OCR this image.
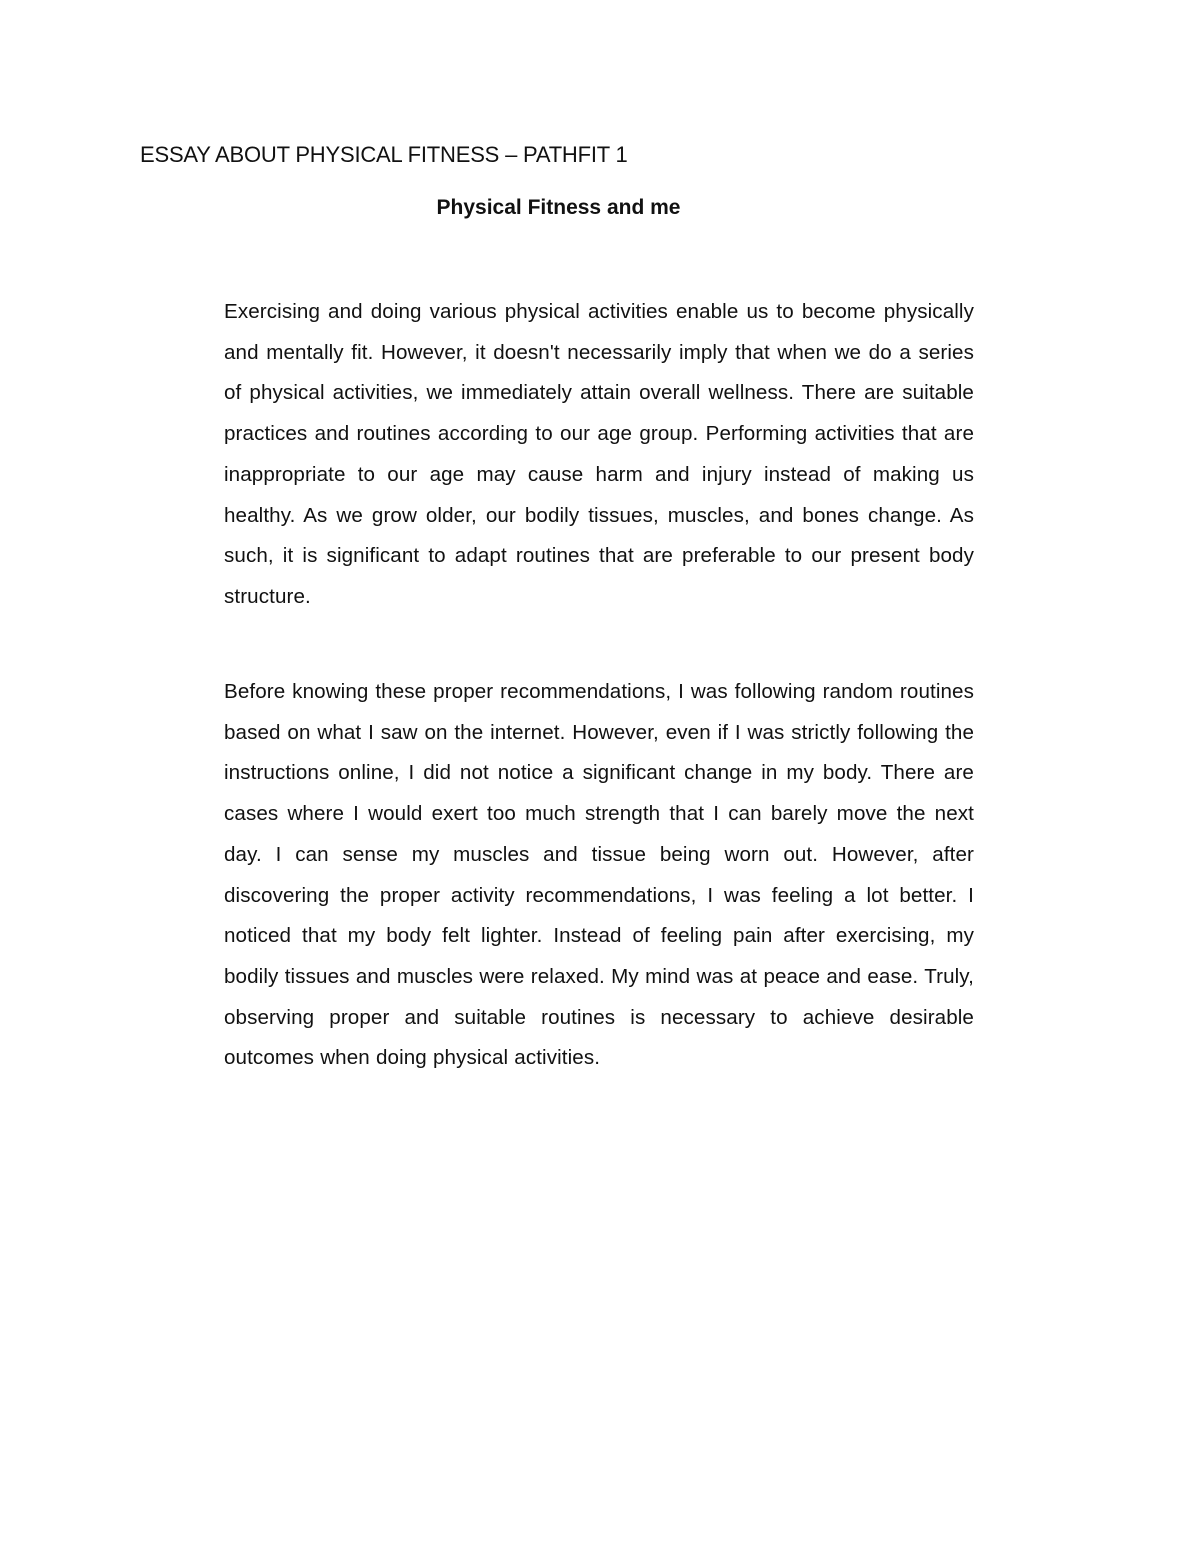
ESSAY ABOUT PHYSICAL FITNESS – PATHFIT 1

Physical Fitness and me

Exercising and doing various physical activities enable us to become physically and mentally fit. However, it doesn't necessarily imply that when we do a series of physical activities, we immediately attain overall wellness. There are suitable practices and routines according to our age group. Performing activities that are inappropriate to our age may cause harm and injury instead of making us healthy. As we grow older, our bodily tissues, muscles, and bones change. As such, it is significant to adapt routines that are preferable to our present body structure.

Before knowing these proper recommendations, I was following random routines based on what I saw on the internet. However, even if I was strictly following the instructions online, I did not notice a significant change in my body. There are cases where I would exert too much strength that I can barely move the next day. I can sense my muscles and tissue being worn out. However, after discovering the proper activity recommendations, I was feeling a lot better. I noticed that my body felt lighter. Instead of feeling pain after exercising, my bodily tissues and muscles were relaxed. My mind was at peace and ease. Truly, observing proper and suitable routines is necessary to achieve desirable outcomes when doing physical activities.
